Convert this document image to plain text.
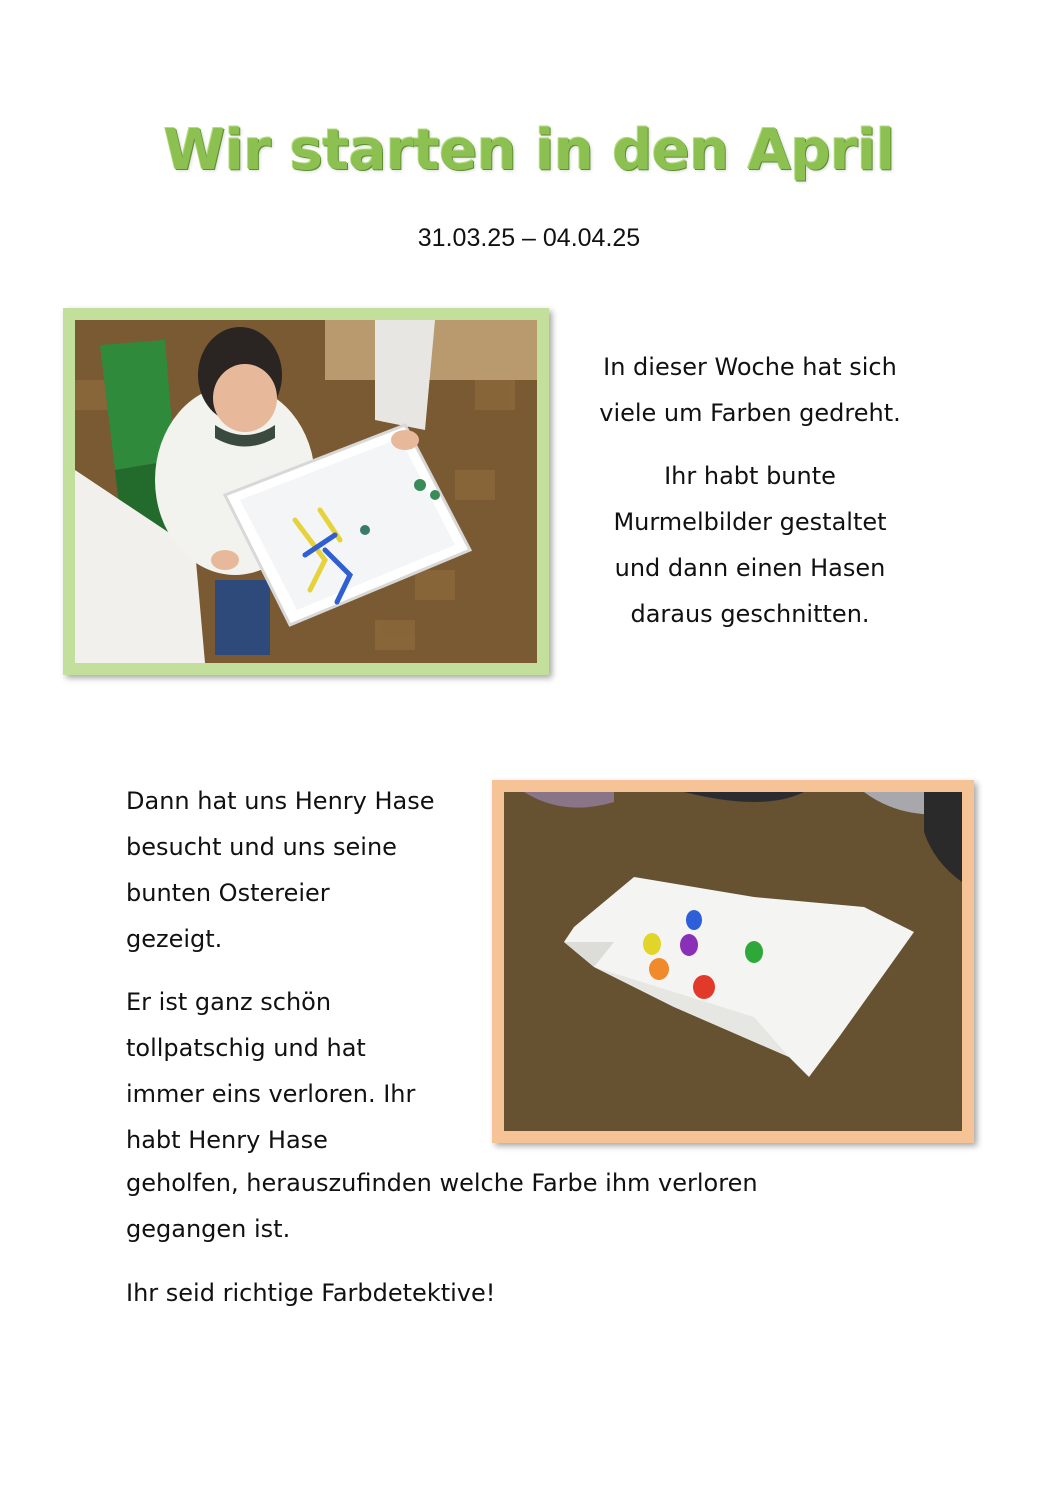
Wir starten in den April
31.03.25 – 04.04.25

In dieser Woche hat sich
viele um Farben gedreht.

Ihr habt bunte
Murmelbilder gestaltet
und dann einen Hasen
daraus geschnitten.

Dann hat uns Henry Hase
besucht und uns seine
bunten Ostereier
gezeigt.

Er ist ganz schön
tollpatschig und hat
immer eins verloren. Ihr
habt Henry Hase

geholfen, herauszufinden welche Farbe ihm verloren
gegangen ist.
Ihr seid richtige Farbdetektive!
